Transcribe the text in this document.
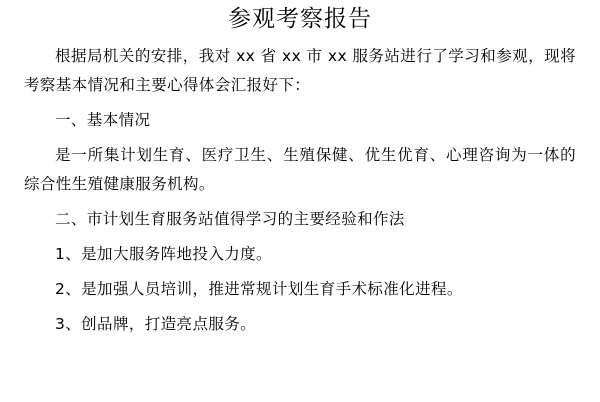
参观考察报告

根据局机关的安排，我对 xx 省 xx 市 xx 服务站进行了学习和参观，现将考察基本情况和主要心得体会汇报好下：

一、基本情况

是一所集计划生育、医疗卫生、生殖保健、优生优育、心理咨询为一体的综合性生殖健康服务机构。

二、市计划生育服务站值得学习的主要经验和作法

1、是加大服务阵地投入力度。

2、是加强人员培训，推进常规计划生育手术标准化进程。

3、创品牌，打造亮点服务。
